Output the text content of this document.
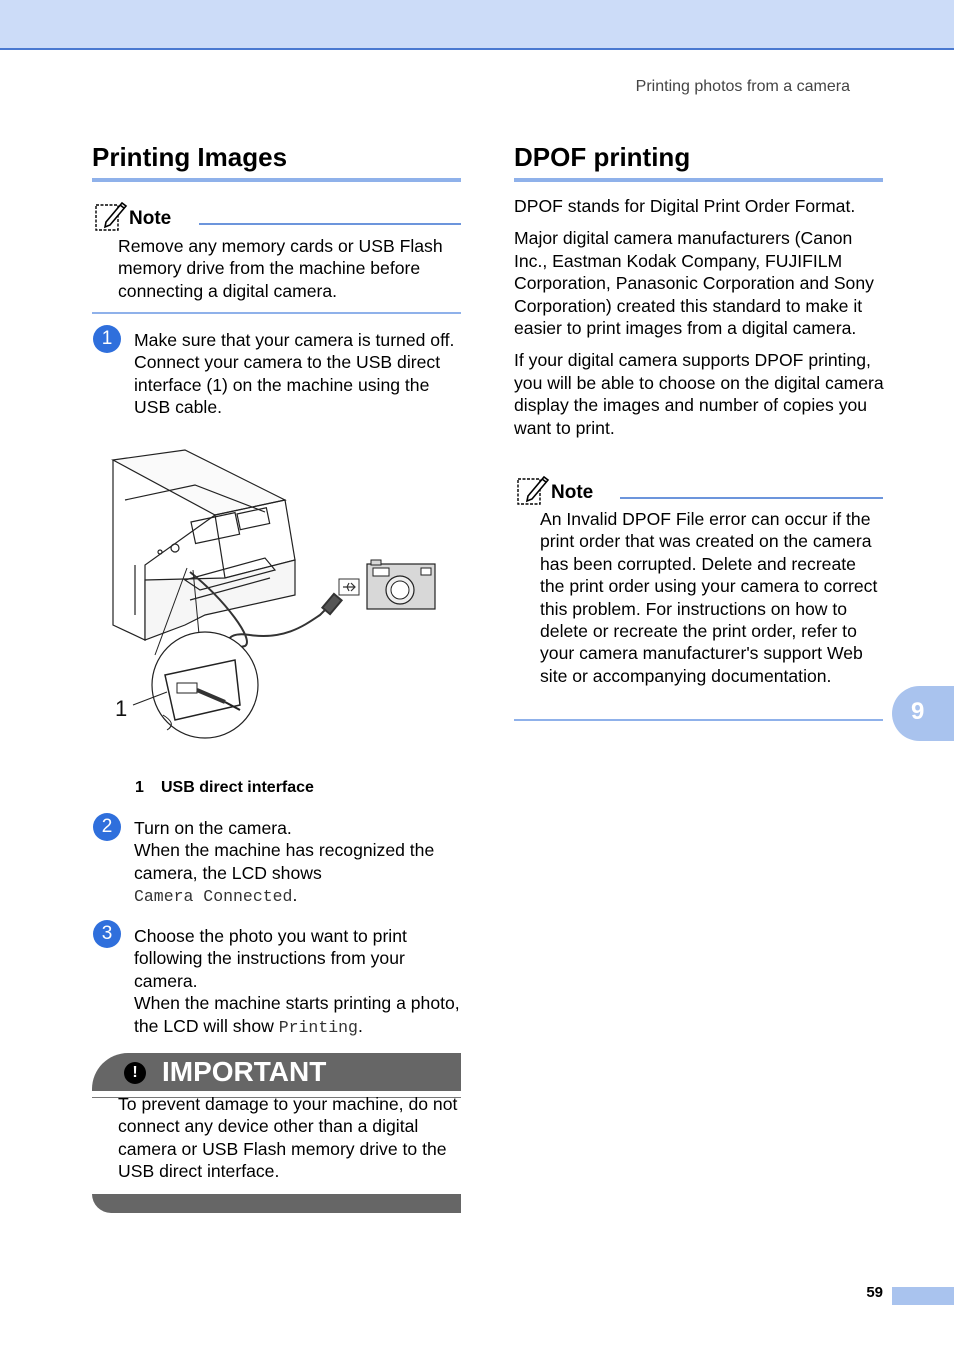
Printing photos from a camera
Printing Images
Note
Remove any memory cards or USB Flash memory drive from the machine before connecting a digital camera.
1	Make sure that your camera is turned off. Connect your camera to the USB direct interface (1) on the machine using the USB cable.
1
1 USB direct interface
2	Turn on the camera.
When the machine has recognized the camera, the LCD shows
Camera Connected.
3	Choose the photo you want to print following the instructions from your camera.
When the machine starts printing a photo, the LCD will show Printing.
! IMPORTANT
To prevent damage to your machine, do not connect any device other than a digital camera or USB Flash memory drive to the USB direct interface.
DPOF printing

DPOF stands for Digital Print Order Format.

Major digital camera manufacturers (Canon Inc., Eastman Kodak Company, FUJIFILM Corporation, Panasonic Corporation and Sony Corporation) created this standard to make it easier to print images from a digital camera.

If your digital camera supports DPOF printing, you will be able to choose on the digital camera display the images and number of copies you want to print.

Note
An Invalid DPOF File error can occur if the print order that was created on the camera has been corrupted. Delete and recreate the print order using your camera to correct this problem. For instructions on how to delete or recreate the print order, refer to your camera manufacturer's support Web site or accompanying documentation.
9
59
